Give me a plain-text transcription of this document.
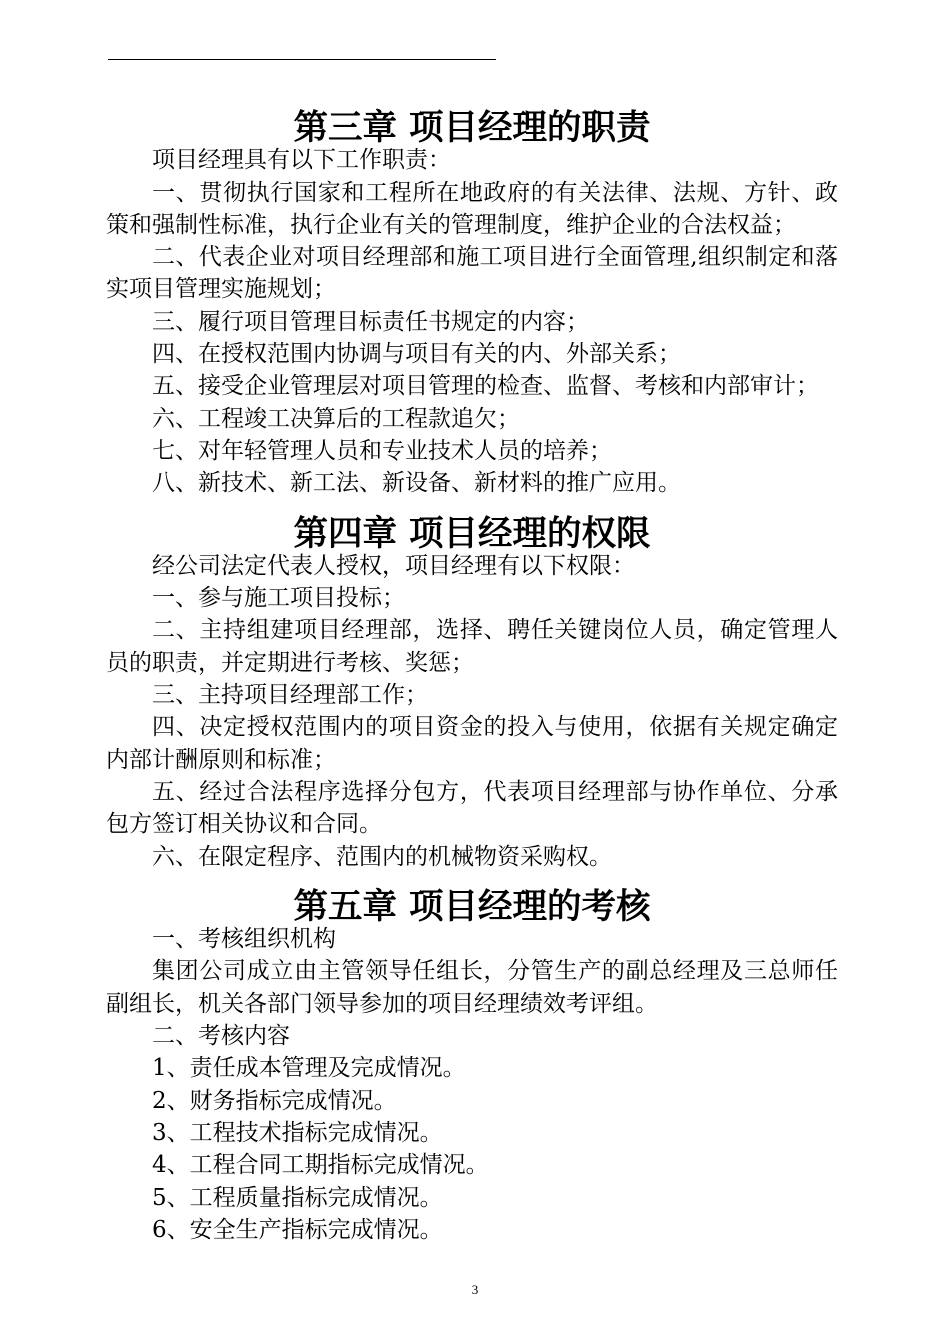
第三章 项目经理的职责

项目经理具有以下工作职责：

一、贯彻执行国家和工程所在地政府的有关法律、法规、方针、政策和强制性标准，执行企业有关的管理制度，维护企业的合法权益；

二、代表企业对项目经理部和施工项目进行全面管理,组织制定和落实项目管理实施规划；

三、履行项目管理目标责任书规定的内容；

四、在授权范围内协调与项目有关的内、外部关系；

五、接受企业管理层对项目管理的检查、监督、考核和内部审计；

六、工程竣工决算后的工程款追欠；

七、对年轻管理人员和专业技术人员的培养；

八、新技术、新工法、新设备、新材料的推广应用。

第四章 项目经理的权限

经公司法定代表人授权，项目经理有以下权限：

一、参与施工项目投标；

二、主持组建项目经理部，选择、聘任关键岗位人员，确定管理人员的职责，并定期进行考核、奖惩；

三、主持项目经理部工作；

四、决定授权范围内的项目资金的投入与使用，依据有关规定确定内部计酬原则和标准；

五、经过合法程序选择分包方，代表项目经理部与协作单位、分承包方签订相关协议和合同。

六、在限定程序、范围内的机械物资采购权。

第五章 项目经理的考核

一、考核组织机构

集团公司成立由主管领导任组长，分管生产的副总经理及三总师任副组长，机关各部门领导参加的项目经理绩效考评组。

二、考核内容

1、责任成本管理及完成情况。

2、财务指标完成情况。

3、工程技术指标完成情况。

4、工程合同工期指标完成情况。

5、工程质量指标完成情况。

6、安全生产指标完成情况。

3
